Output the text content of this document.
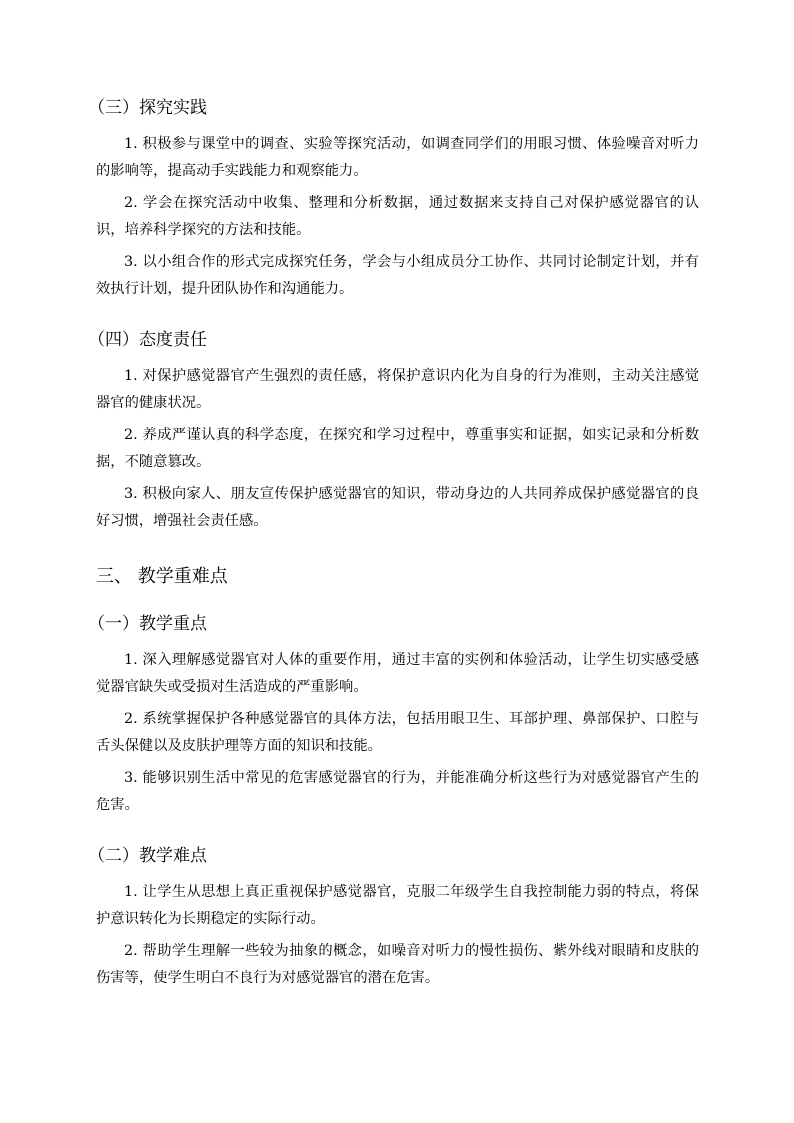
（三）探究实践

1. 积极参与课堂中的调查、实验等探究活动，如调查同学们的用眼习惯、体验噪音对听力的影响等，提高动手实践能力和观察能力。

2. 学会在探究活动中收集、整理和分析数据，通过数据来支持自己对保护感觉器官的认识，培养科学探究的方法和技能。

3. 以小组合作的形式完成探究任务，学会与小组成员分工协作、共同讨论制定计划，并有效执行计划，提升团队协作和沟通能力。

（四）态度责任

1. 对保护感觉器官产生强烈的责任感，将保护意识内化为自身的行为准则，主动关注感觉器官的健康状况。

2. 养成严谨认真的科学态度，在探究和学习过程中，尊重事实和证据，如实记录和分析数据，不随意篡改。

3. 积极向家人、朋友宣传保护感觉器官的知识，带动身边的人共同养成保护感觉器官的良好习惯，增强社会责任感。

三、 教学重难点
（一）教学重点

1. 深入理解感觉器官对人体的重要作用，通过丰富的实例和体验活动，让学生切实感受感觉器官缺失或受损对生活造成的严重影响。

2. 系统掌握保护各种感觉器官的具体方法，包括用眼卫生、耳部护理、鼻部保护、口腔与舌头保健以及皮肤护理等方面的知识和技能。

3. 能够识别生活中常见的危害感觉器官的行为，并能准确分析这些行为对感觉器官产生的危害。

（二）教学难点

1. 让学生从思想上真正重视保护感觉器官，克服二年级学生自我控制能力弱的特点，将保护意识转化为长期稳定的实际行动。

2. 帮助学生理解一些较为抽象的概念，如噪音对听力的慢性损伤、紫外线对眼睛和皮肤的伤害等，使学生明白不良行为对感觉器官的潜在危害。
